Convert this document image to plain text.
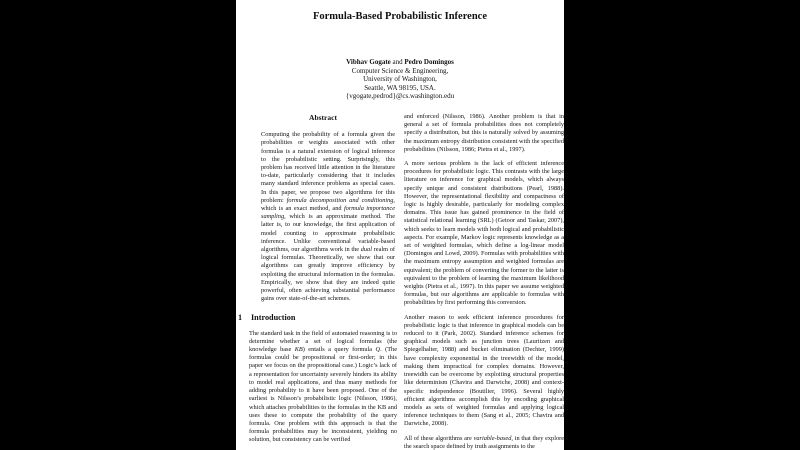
Formula-Based Probabilistic Inference
Vibhav Gogate and Pedro Domingos
Computer Science & Engineering,
University of Washington,
Seattle, WA 98195, USA.
{vgogate,pedrod}@cs.washington.edu
Abstract

Computing the probability of a formula given the probabilities or weights associated with other formulas is a natural extension of logical inference to the probabilistic setting. Surprisingly, this problem has received little attention in the literature to-date, particularly considering that it includes many standard inference problems as special cases. In this paper, we propose two algorithms for this problem: formula decomposition and conditioning, which is an exact method, and formula importance sampling, which is an approximate method. The latter is, to our knowledge, the first application of model counting to approximate probabilistic inference. Unlike conventional variable-based algorithms, our algorithms work in the dual realm of logical formulas. Theoretically, we show that our algorithms can greatly improve efficiency by exploiting the structural information in the formulas. Empirically, we show that they are indeed quite powerful, often achieving substantial performance gains over state-of-the-art schemes.

1 Introduction

The standard task in the field of automated reasoning is to determine whether a set of logical formulas (the knowledge base KB) entails a query formula Q. (The formulas could be propositional or first-order; in this paper we focus on the propositional case.) Logic’s lack of a representation for uncertainty severely hinders its ability to model real applications, and thus many methods for adding probability to it have been proposed. One of the earliest is Nilsson’s probabilistic logic (Nilsson, 1986), which attaches probabilities to the formulas in the KB and uses these to compute the probability of the query formula. One problem with this approach is that the formula probabilities may be inconsistent, yielding no solution, but consistency can be verified

and enforced (Nilsson, 1986). Another problem is that in general a set of formula probabilities does not completely specify a distribution, but this is naturally solved by assuming the maximum entropy distribution consistent with the specified probabilities (Nilsson, 1986; Pietra et al., 1997).

A more serious problem is the lack of efficient inference procedures for probabilistic logic. This contrasts with the large literature on inference for graphical models, which always specify unique and consistent distributions (Pearl, 1988). However, the representational flexibility and compactness of logic is highly desirable, particularly for modeling complex domains. This issue has gained prominence in the field of statistical relational learning (SRL) (Getoor and Taskar, 2007), which seeks to learn models with both logical and probabilistic aspects. For example, Markov logic represents knowledge as a set of weighted formulas, which define a log-linear model (Domingos and Lowd, 2009). Formulas with probabilities with the maximum entropy assumption and weighted formulas are equivalent; the problem of converting the former to the latter is equivalent to the problem of learning the maximum likelihood weights (Pietra et al., 1997). In this paper we assume weighted formulas, but our algorithms are applicable to formulas with probabilities by first performing this conversion.

Another reason to seek efficient inference procedures for probabilistic logic is that inference in graphical models can be reduced to it (Park, 2002). Standard inference schemes for graphical models such as junction trees (Lauritzen and Spiegelhalter, 1988) and bucket elimination (Dechter, 1999) have complexity exponential in the treewidth of the model, making them impractical for complex domains. However, treewidth can be overcome by exploiting structural properties like determinism (Chavira and Darwiche, 2008) and context-specific independence (Boutilier, 1996). Several highly efficient algorithms accomplish this by encoding graphical models as sets of weighted formulas and applying logical inference techniques to them (Sang et al., 2005; Chavira and Darwiche, 2008).

All of these algorithms are variable-based, in that they explore the search space defined by truth assignments to the
